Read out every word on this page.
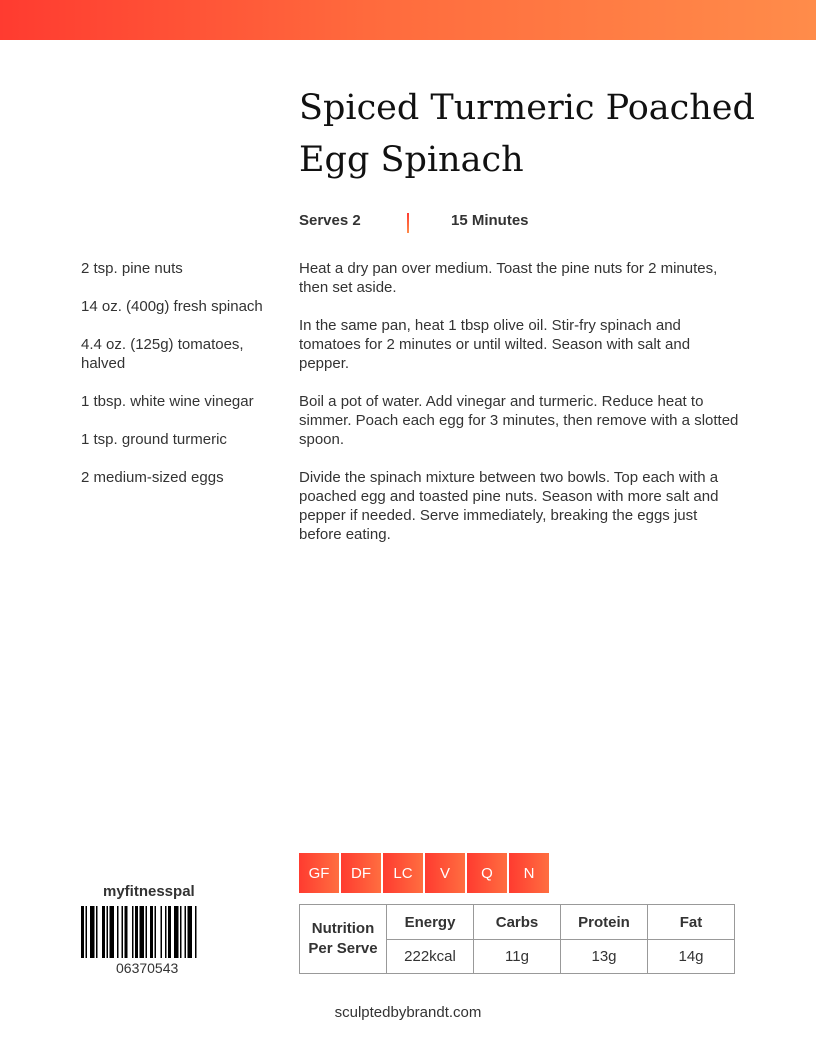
Spiced Turmeric Poached Egg Spinach
Serves 2	15 Minutes
2 tsp. pine nuts
14 oz. (400g) fresh spinach
4.4 oz. (125g) tomatoes, halved
1 tbsp. white wine vinegar
1 tsp. ground turmeric
2 medium-sized eggs

Heat a dry pan over medium. Toast the pine nuts for 2 minutes, then set aside.

In the same pan, heat 1 tbsp olive oil. Stir-fry spinach and tomatoes for 2 minutes or until wilted. Season with salt and pepper.

Boil a pot of water. Add vinegar and turmeric. Reduce heat to simmer. Poach each egg for 3 minutes, then remove with a slotted spoon.

Divide the spinach mixture between two bowls. Top each with a poached egg and toasted pine nuts. Season with more salt and pepper if needed. Serve immediately, breaking the eggs just before eating.

myfitnesspal
06370543
GF	DF	LC	V	Q	N
Nutrition
Per Serve	Energy	Carbs	Protein	Fat
	222kcal	11g	13g	14g
sculptedbybrandt.com
